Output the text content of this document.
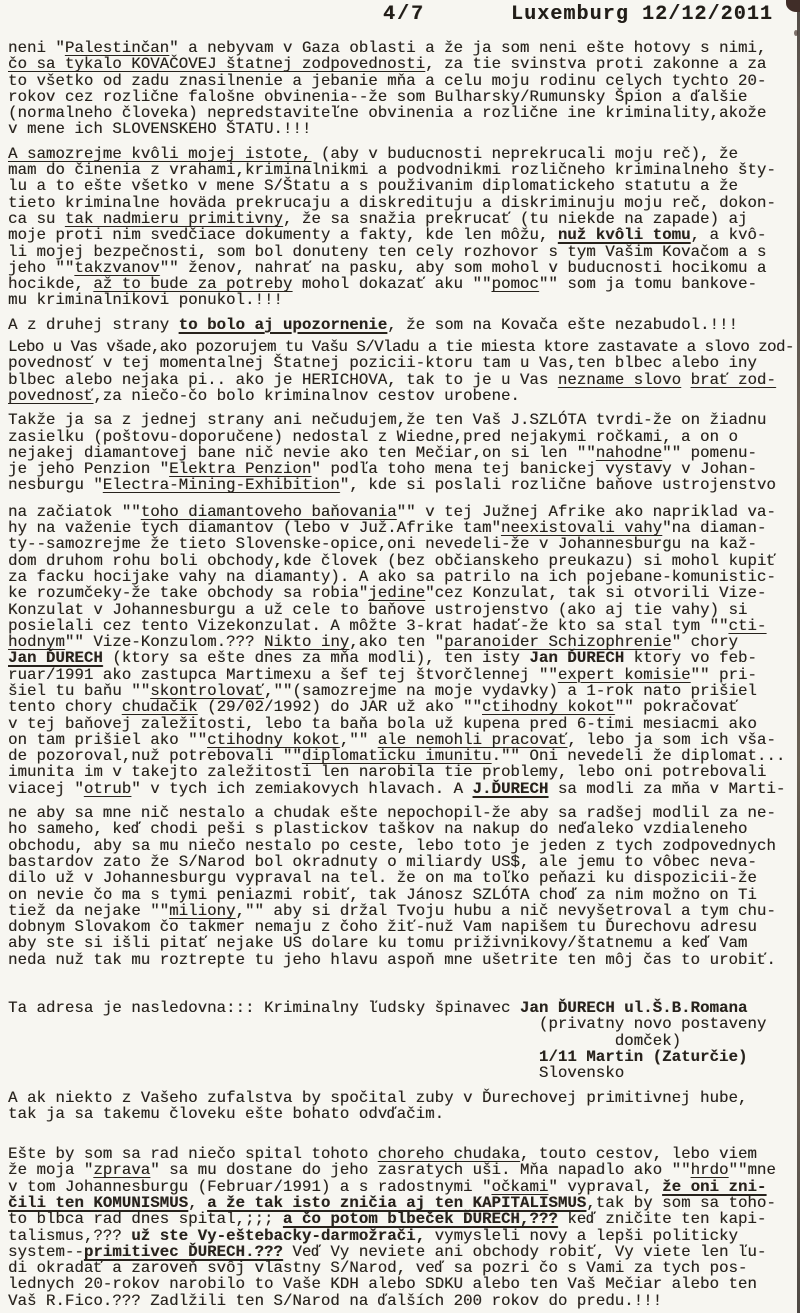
4/7	Luxemburg 12/12/2011
neni "Palestinčan" a nebyvam v Gaza oblasti a že ja som neni ešte hotovy s nimi,
čo sa tykalo KOVAČOVEJ štatnej zodpovednosti, za tie svinstva proti zakonne a za
to všetko od zadu znasilnenie a jebanie mňa a celu moju rodinu celych tychto 20-
rokov cez rozlične falošne obvinenia--že som Bulharsky/Rumunsky Špion a ďalšie
(normalneho človeka) nepredstaviteľne obvinenia a rozlične ine kriminality,akože
v mene ich SLOVENSKEHO ŠTATU.!!!
A samozrejme kvôli mojej istote, (aby v buducnosti neprekrucali moju reč), že
mam do činenia z vrahami,kriminalnikmi a podvodnikmi rozličneho kriminalneho šty-
lu a to ešte všetko v mene S/Štatu a s použivanim diplomatickeho statutu a že
tieto kriminalne hoväda prekrucaju a diskredituju a diskriminuju moju reč, dokon-
ca su tak nadmieru primitivny, že sa snažia prekrucať (tu niekde na zapade) aj
moje proti nim svedčiace dokumenty a fakty, kde len môžu, nuž kvôli tomu, a kvô-
li mojej bezpečnosti, som bol donuteny ten cely rozhovor s tym Vašim Kovačom a s
jeho ""takzvanov"" ženov, nahrať na pasku, aby som mohol v buducnosti hocikomu a
hocikde, až to bude za potreby mohol dokazať aku ""pomoc"" som ja tomu bankove-
mu kriminalnikovi ponukol.!!!
A z druhej strany to bolo aj upozornenie, že som na Kovača ešte nezabudol.!!!
Lebo u Vas všade,ako pozorujem tu Vašu S/Vladu a tie miesta ktore zastavate a slovo zod-
povednosť v tej momentalnej Štatnej pozicii-ktoru tam u Vas,ten blbec alebo iny
blbec alebo nejaka pi.. ako je HERICHOVA, tak to je u Vas nezname slovo brať zod-
povednosť,za niečo-čo bolo kriminalnov cestov urobene.
Takže ja sa z jednej strany ani nečudujem,že ten Vaš J.SZLÓTA tvrdi-že on žiadnu
zasielku (poštovu-doporučene) nedostal z Wiedne,pred nejakymi ročkami, a on o
nejakej diamantovej bane nič nevie ako ten Mečiar,on si len ""nahodne"" pomenu-
je jeho Penzion "Elektra Penzion" podľa toho mena tej banickej vystavy v Johan-
nesburgu "Electra-Mining-Exhibition", kde si poslali rozlične baňove ustrojenstvo
na začiatok ""toho diamantoveho baňovania"" v tej Južnej Afrike ako napriklad va-
hy na važenie tych diamantov (lebo v Juž.Afrike tam"neexistovali vahy"na diaman-
ty--samozrejme že tieto Slovenske-opice,oni nevedeli-že v Johannesburgu na kaž-
dom druhom rohu boli obchody,kde človek (bez občianskeho preukazu) si mohol kupiť
za facku hocijake vahy na diamanty). A ako sa patrilo na ich pojebane-komunistic-
ke rozumčeky-že take obchody sa robia"jedine"cez Konzulat, tak si otvorili Vize-
Konzulat v Johannesburgu a už cele to baňove ustrojenstvo (ako aj tie vahy) si
posielali cez tento Vizekonzulat. A môžte 3-krat hadať-že kto sa stal tym ""cti-
hodnym"" Vize-Konzulom.??? Nikto iny,ako ten "paranoider Schizophrenie" chory
Jan ĎURECH (ktory sa ešte dnes za mňa modli), ten isty Jan ĎURECH ktory vo feb-
ruar/1991 ako zastupca Martimexu a šef tej štvorčlennej ""expert komisie"" pri-
šiel tu baňu ""skontrolovať,""(samozrejme na moje vydavky) a 1-rok nato prišiel
tento chory chudačik (29/02/1992) do JAR už ako ""ctihodny kokot"" pokračovať
v tej baňovej zaležitosti, lebo ta baňa bola už kupena pred 6-timi mesiacmi ako
on tam prišiel ako ""ctihodny kokot,"" ale nemohli pracovať, lebo ja som ich vša-
de pozoroval,nuž potrebovali ""diplomaticku imunitu."" Oni nevedeli že diplomat...
imunita im v takejto zaležitosti len narobila tie problemy, lebo oni potrebovali
viacej "otrub" v tych ich zemiakovych hlavach. A J.ĎURECH sa modli za mňa v Marti-
ne aby sa mne nič nestalo a chudak ešte nepochopil-že aby sa radšej modlil za ne-
ho sameho, keď chodi peši s plastickov taškov na nakup do neďaleko vzdialeneho
obchodu, aby sa mu niečo nestalo po ceste, lebo toto je jeden z tych zodpovednych
bastardov zato že S/Narod bol okradnuty o miliardy US$, ale jemu to vôbec neva-
dilo už v Johannesburgu vypraval na tel. že on ma toľko peňazi ku dispozicii-že
on nevie čo ma s tymi peniazmi robiť, tak Jánosz SZLÓTA choď za nim možno on Ti
tiež da nejake ""miliony,"" aby si držal Tvoju hubu a nič nevyšetroval a tym chu-
dobnym Slovakom čo takmer nemaju z čoho žiť-nuž Vam napišem tu Ďurechovu adresu
aby ste si išli pitať nejake US dolare ku tomu priživnikovy/štatnemu a keď Vam
neda nuž tak mu roztrepte tu jeho hlavu aspoň mne ušetrite ten môj čas to urobiť.
Ta adresa je nasledovna::: Kriminalny ľudsky špinavec Jan ĎURECH ul.Š.B.Romana
(privatny novo postaveny
domček)
1/11 Martin (Zaturčie)
Slovensko
A ak niekto z Vašeho zufalstva by spočital zuby v Ďurechovej primitivnej hube,
tak ja sa takemu človeku ešte bohato odvďačim.
Ešte by som sa rad niečo spital tohoto choreho chudaka, touto cestov, lebo viem
že moja "zprava" sa mu dostane do jeho zasratych uši. Mňa napadlo ako ""hrdo""mne
v tom Johannesburgu (Februar/1991) a s radostnymi "očkami" vypraval, že oni zni-
čili ten KOMUNISMUS, a že tak isto zničia aj ten KAPITALISMUS,tak by som sa toho-
to blbca rad dnes spital,;;; a čo potom blbeček ĎURECH,??? keď zničite ten kapi-
talismus,??? už ste Vy-eštebacky-darmožrači, vymysleli novy a lepši politicky
system--primitivec ĎURECH.??? Veď Vy neviete ani obchody robiť, Vy viete len ľu-
di okradať a zaroveň svôj vlastny S/Narod, veď sa pozri čo s Vami za tych pos-
lednych 20-rokov narobilo to Vaše KDH alebo SDKU alebo ten Vaš Mečiar alebo ten
Vaš R.Fico.??? Zadlžili ten S/Narod na ďalších 200 rokov do predu.!!!
